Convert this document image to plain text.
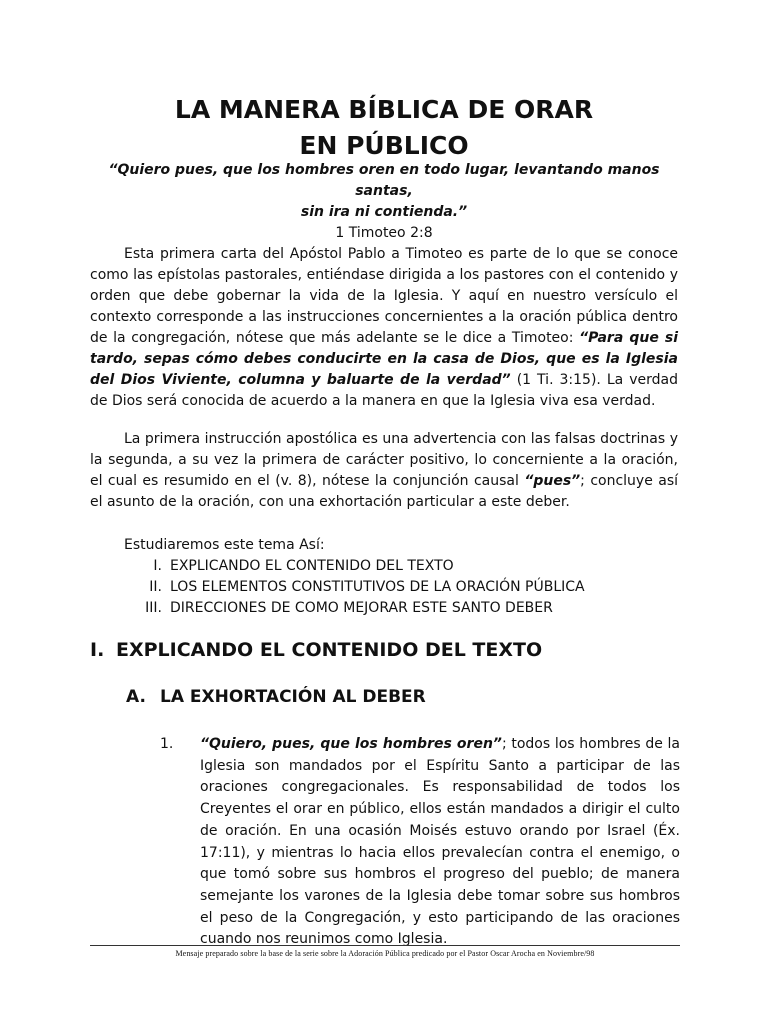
LA MANERA BÍBLICA DE ORAR
EN PÚBLICO
“Quiero pues, que los hombres oren en todo lugar, levantando manos santas,
sin ira ni contienda.”
1 Timoteo 2:8

Esta primera carta del Apóstol Pablo a Timoteo es parte de lo que se conoce como las epístolas pastorales, entiéndase dirigida a los pastores con el contenido y orden que debe gobernar la vida de la Iglesia. Y aquí en nuestro versículo el contexto corresponde a las instrucciones concernientes a la oración pública dentro de la congregación, nótese que más adelante se le dice a Timoteo: “Para que si tardo, sepas cómo debes conducirte en la casa de Dios, que es la Iglesia del Dios Viviente, columna y baluarte de la verdad” (1 Ti. 3:15). La verdad de Dios será conocida de acuerdo a la manera en que la Iglesia viva esa verdad.

La primera instrucción apostólica es una advertencia con las falsas doctrinas y la segunda, a su vez la primera de carácter positivo, lo concerniente a la oración, el cual es resumido en el (v. 8), nótese la conjunción causal “pues”; concluye así el asunto de la oración, con una exhortación particular a este deber.

Estudiaremos este tema Así:

I. EXPLICANDO EL CONTENIDO DEL TEXTO
II. LOS ELEMENTOS CONSTITUTIVOS DE LA ORACIÓN PÚBLICA
III. DIRECCIONES DE COMO MEJORAR ESTE SANTO DEBER
I. EXPLICANDO EL CONTENIDO DEL TEXTO
A. LA EXHORTACIÓN AL DEBER
1. “Quiero, pues, que los hombres oren”; todos los hombres de la Iglesia son mandados por el Espíritu Santo a participar de las oraciones congregacionales. Es responsabilidad de todos los Creyentes el orar en público, ellos están mandados a dirigir el culto de oración. En una ocasión Moisés estuvo orando por Israel (Éx. 17:11), y mientras lo hacia ellos prevalecían contra el enemigo, o que tomó sobre sus hombros el progreso del pueblo; de manera semejante los varones de la Iglesia debe tomar sobre sus hombros el peso de la Congregación, y esto participando de las oraciones cuando nos reunimos como Iglesia.

Mensaje preparado sobre la base de la serie sobre la Adoración Pública predicado por el Pastor Oscar Arocha en Noviembre/98
